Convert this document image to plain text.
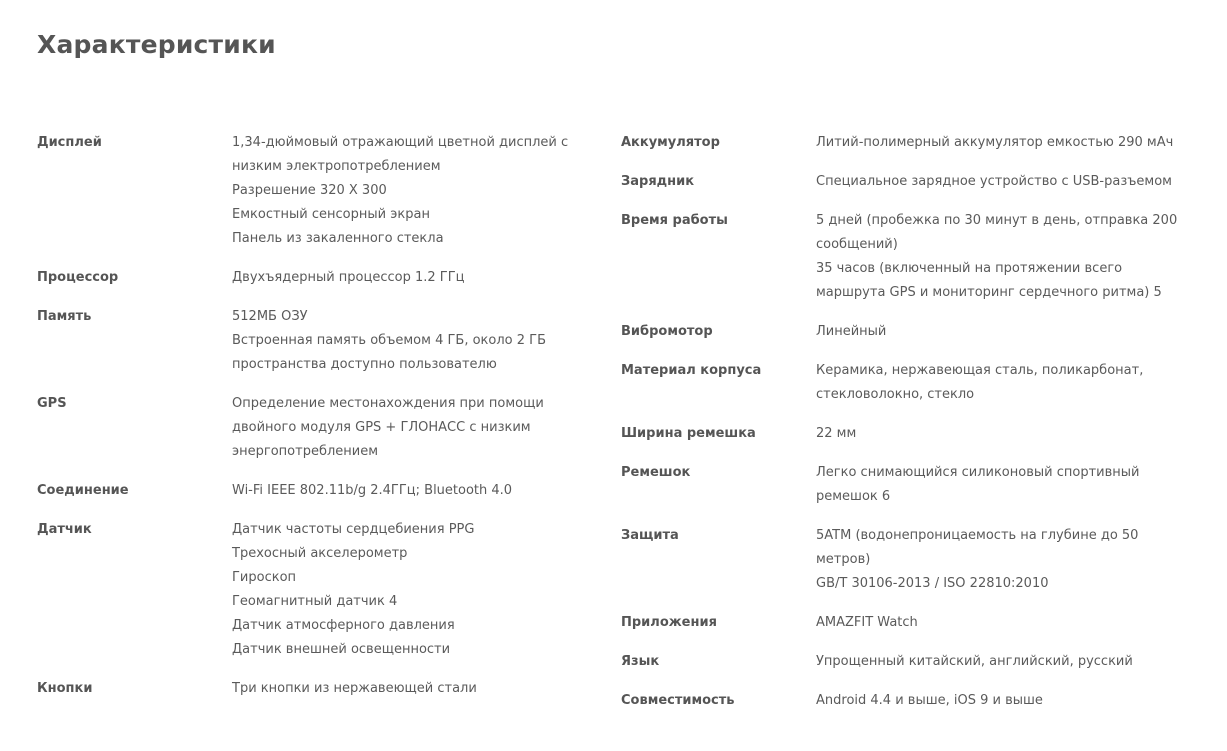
Характеристики
Дисплей	1,34-дюймовый отражающий цветной дисплей с низким электропотреблением
Разрешение 320 X 300
Емкостный сенсорный экран
Панель из закаленного стекла
Процессор	Двухъядерный процессор 1.2 ГГц
Память	512МБ ОЗУ
Встроенная память объемом 4 ГБ, около 2 ГБ пространства доступно пользователю
GPS	Определение местонахождения при помощи двойного модуля GPS + ГЛОНАСС с низким энергопотреблением
Соединение	Wi-Fi IEEE 802.11b/g 2.4ГГц; Bluetooth 4.0
Датчик	Датчик частоты сердцебиения PPG
Трехосный акселерометр
Гироскоп
Геомагнитный датчик 4
Датчик атмосферного давления
Датчик внешней освещенности
Кнопки	Три кнопки из нержавеющей стали
Аккумулятор	Литий-полимерный аккумулятор емкостью 290 мАч
Зарядник	Специальное зарядное устройство с USB-разъемом
Время работы	5 дней (пробежка по 30 минут в день, отправка 200 сообщений)
35 часов (включенный на протяжении всего маршрута GPS и мониторинг сердечного ритма) 5
Вибромотор	Линейный
Материал корпуса	Керамика, нержавеющая сталь, поликарбонат, стекловолокно, стекло
Ширина ремешка	22 мм
Ремешок	Легко снимающийся силиконовый спортивный ремешок 6
Защита	5ATM (водонепроницаемость на глубине до 50 метров)
GB/T 30106-2013 / ISO 22810:2010
Приложения	AMAZFIT Watch
Язык	Упрощенный китайский, английский, русский
Совместимость	Android 4.4 и выше, iOS 9 и выше
